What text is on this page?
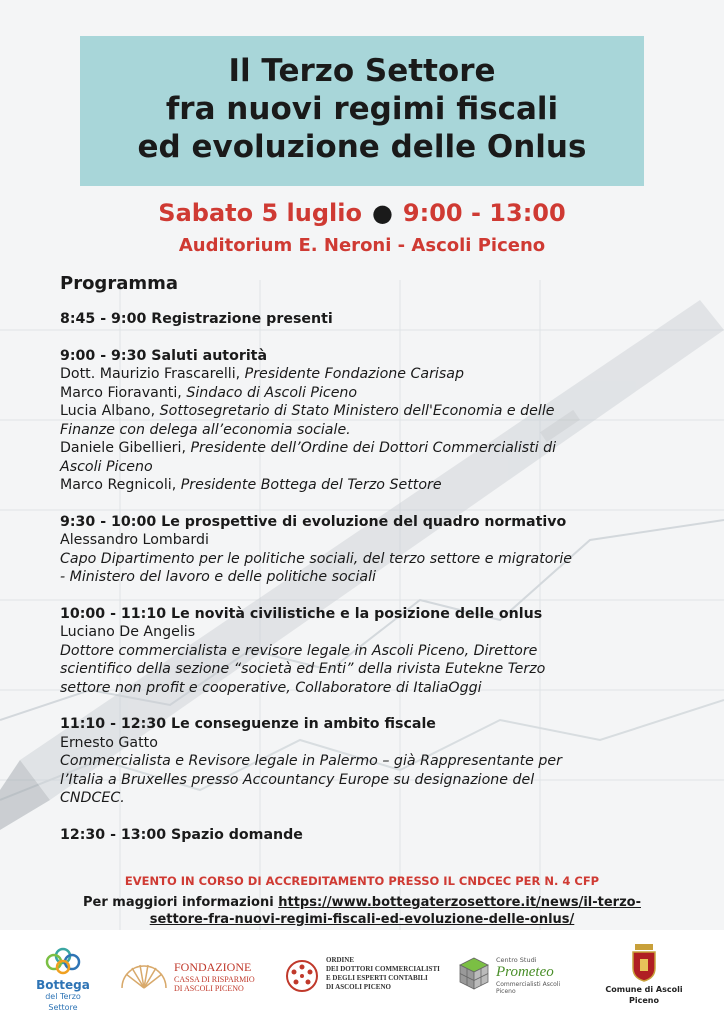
Il Terzo Settore
fra nuovi regimi fiscali
ed evoluzione delle Onlus
Sabato 5 luglio ● 9:00 - 13:00
Auditorium E. Neroni - Ascoli Piceno
Programma
8:45 - 9:00 Registrazione presenti
9:00 - 9:30 Saluti autorità
Dott. Maurizio Frascarelli, Presidente Fondazione Carisap
Marco Fioravanti, Sindaco di Ascoli Piceno
Lucia Albano, Sottosegretario di Stato Ministero dell'Economia e delle
Finanze con delega all’economia sociale.
Daniele Gibellieri, Presidente dell’Ordine dei Dottori Commercialisti di
Ascoli Piceno
Marco Regnicoli, Presidente Bottega del Terzo Settore
9:30 - 10:00 Le prospettive di evoluzione del quadro normativo
Alessandro Lombardi
Capo Dipartimento per le politiche sociali, del terzo settore e migratorie
- Ministero del lavoro e delle politiche sociali
10:00 - 11:10 Le novità civilistiche e la posizione delle onlus
Luciano De Angelis
Dottore commercialista e revisore legale in Ascoli Piceno, Direttore
scientifico della sezione “società ed Enti” della rivista Eutekne Terzo
settore non profit e cooperative, Collaboratore di ItaliaOggi
11:10 - 12:30 Le conseguenze in ambito fiscale
Ernesto Gatto
Commercialista e Revisore legale in Palermo – già Rappresentante per
l’Italia a Bruxelles presso Accountancy Europe su designazione del
CNDCEC.
12:30 - 13:00 Spazio domande
EVENTO IN CORSO DI ACCREDITAMENTO PRESSO IL CNDCEC PER N. 4 CFP
Per maggiori informazioni https://www.bottegaterzosettore.it/news/il-terzo-
settore-fra-nuovi-regimi-fiscali-ed-evoluzione-delle-onlus/
Bottega
del Terzo Settore
FONDAZIONE
CASSA DI RISPARMIO
DI ASCOLI PICENO
ORDINE
DEI DOTTORI COMMERCIALISTI
E DEGLI ESPERTI CONTABILI
DI ASCOLI PICENO
Centro Studi
Prometeo
Commercialisti Ascoli Piceno	Comune di Ascoli Piceno
